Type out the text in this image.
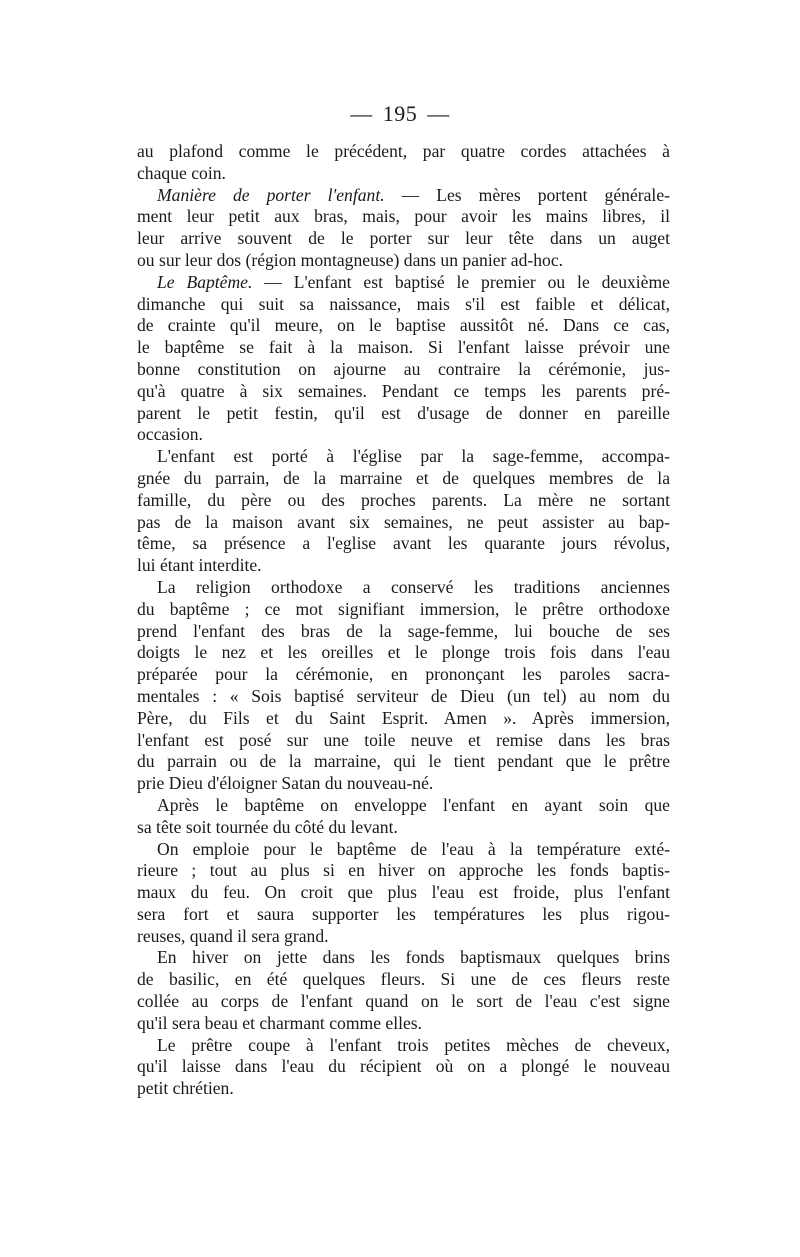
— 195 —
au plafond comme le précédent, par quatre cordes attachées à
chaque coin.
Manière de porter l'enfant. — Les mères portent générale-
ment leur petit aux bras, mais, pour avoir les mains libres, il
leur arrive souvent de le porter sur leur tête dans un auget
ou sur leur dos (région montagneuse) dans un panier ad-hoc.
Le Baptême. — L'enfant est baptisé le premier ou le deuxième
dimanche qui suit sa naissance, mais s'il est faible et délicat,
de crainte qu'il meure, on le baptise aussitôt né. Dans ce cas,
le baptême se fait à la maison. Si l'enfant laisse prévoir une
bonne constitution on ajourne au contraire la cérémonie, jus-
qu'à quatre à six semaines. Pendant ce temps les parents pré-
parent le petit festin, qu'il est d'usage de donner en pareille
occasion.
L'enfant est porté à l'église par la sage-femme, accompa-
gnée du parrain, de la marraine et de quelques membres de la
famille, du père ou des proches parents. La mère ne sortant
pas de la maison avant six semaines, ne peut assister au bap-
tême, sa présence a l'eglise avant les quarante jours révolus,
lui étant interdite.
La religion orthodoxe a conservé les traditions anciennes
du baptême ; ce mot signifiant immersion, le prêtre orthodoxe
prend l'enfant des bras de la sage-femme, lui bouche de ses
doigts le nez et les oreilles et le plonge trois fois dans l'eau
préparée pour la cérémonie, en prononçant les paroles sacra-
mentales : « Sois baptisé serviteur de Dieu (un tel) au nom du
Père, du Fils et du Saint Esprit. Amen ». Après immersion,
l'enfant est posé sur une toile neuve et remise dans les bras
du parrain ou de la marraine, qui le tient pendant que le prêtre
prie Dieu d'éloigner Satan du nouveau-né.
Après le baptême on enveloppe l'enfant en ayant soin que
sa tête soit tournée du côté du levant.
On emploie pour le baptême de l'eau à la température exté-
rieure ; tout au plus si en hiver on approche les fonds baptis-
maux du feu. On croit que plus l'eau est froide, plus l'enfant
sera fort et saura supporter les températures les plus rigou-
reuses, quand il sera grand.
En hiver on jette dans les fonds baptismaux quelques brins
de basilic, en été quelques fleurs. Si une de ces fleurs reste
collée au corps de l'enfant quand on le sort de l'eau c'est signe
qu'il sera beau et charmant comme elles.
Le prêtre coupe à l'enfant trois petites mèches de cheveux,
qu'il laisse dans l'eau du récipient où on a plongé le nouveau
petit chrétien.
